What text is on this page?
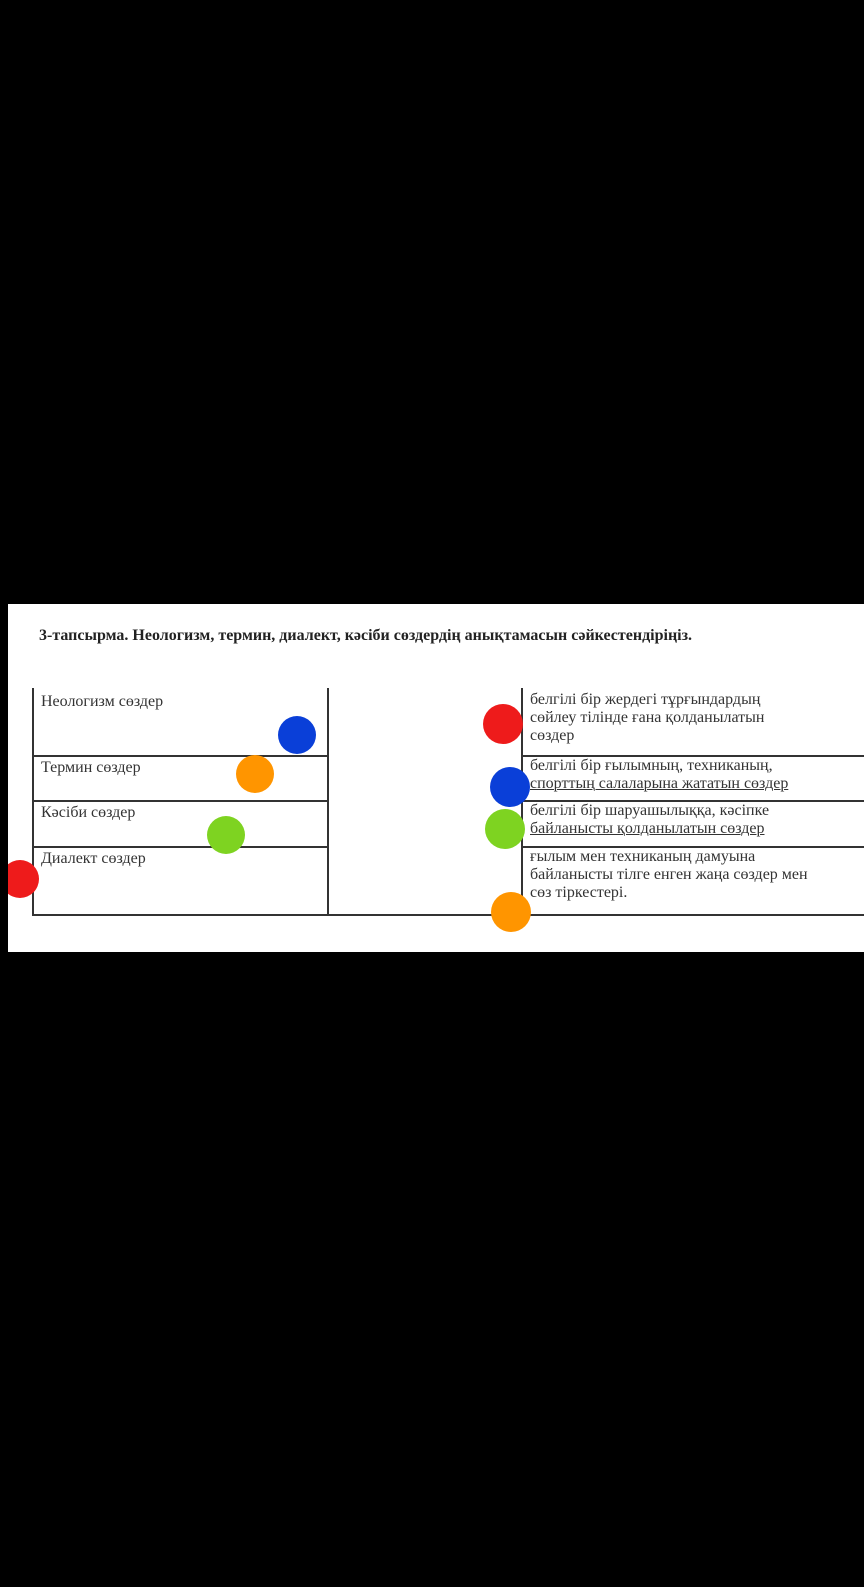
3-тапсырма. Неологизм, термин, диалект, кәсіби сөздердің анықтамасын сәйкестендіріңіз.
Неологизм сөздер
Термин сөздер
Кәсіби сөздер
Диалект сөздер
белгілі бір жердегі тұрғындардың
сөйлеу тілінде ғана қолданылатын
сөздер
белгілі бір ғылымның, техниканың,
спорттың салаларына жататын сөздер
белгілі бір шаруашылыққа, кәсіпке
байланысты қолданылатын сөздер
ғылым мен техниканың дамуына
байланысты тілге енген жаңа сөздер мен
сөз тіркестері.
